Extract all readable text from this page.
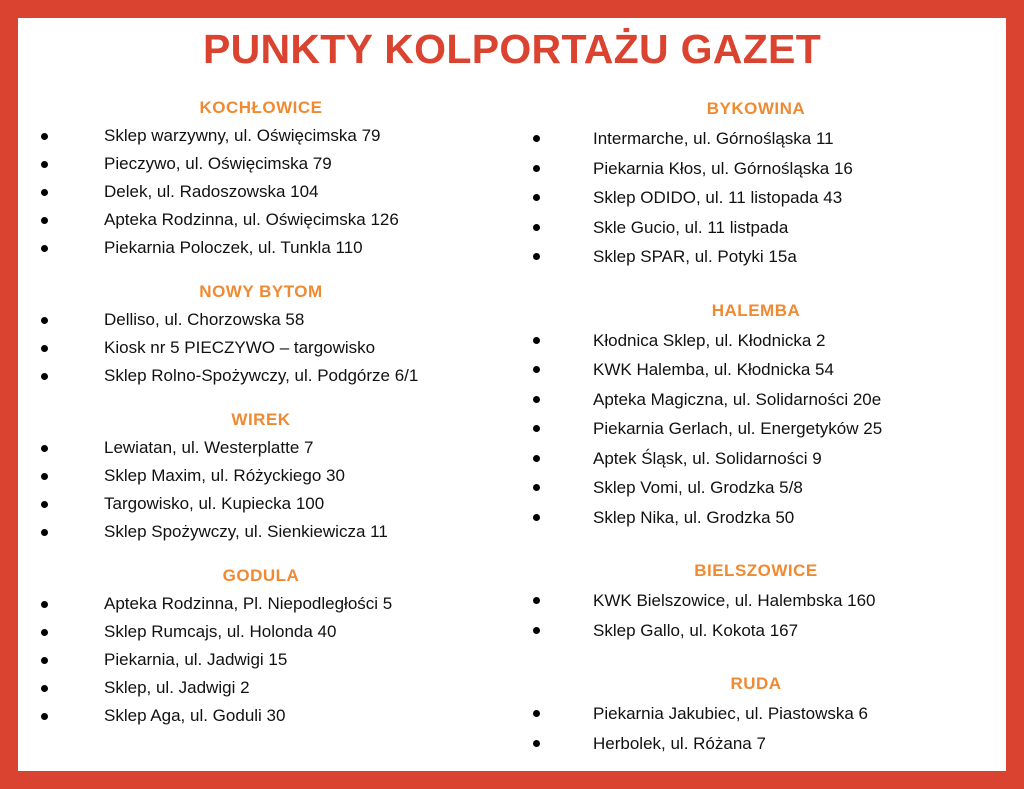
PUNKTY KOLPORTAŻU GAZET
KOCHŁOWICE
Sklep warzywny, ul. Oświęcimska 79
Pieczywo, ul. Oświęcimska 79
Delek, ul. Radoszowska 104
Apteka Rodzinna, ul. Oświęcimska 126
Piekarnia Poloczek, ul. Tunkla 110
NOWY BYTOM
Delliso, ul. Chorzowska 58
Kiosk nr 5 PIECZYWO – targowisko
Sklep Rolno-Spożywczy, ul. Podgórze 6/1
WIREK
Lewiatan, ul. Westerplatte 7
Sklep Maxim, ul. Różyckiego 30
Targowisko, ul. Kupiecka 100
Sklep Spożywczy, ul. Sienkiewicza 11
GODULA
Apteka Rodzinna, Pl. Niepodległości 5
Sklep Rumcajs, ul. Holonda 40
Piekarnia, ul. Jadwigi 15
Sklep, ul. Jadwigi 2
Sklep Aga, ul. Goduli 30
BYKOWINA
Intermarche, ul. Górnośląska 11
Piekarnia Kłos, ul. Górnośląska 16
Sklep ODIDO, ul. 11 listopada 43
Skle Gucio, ul. 11 listpada
Sklep SPAR, ul. Potyki 15a
HALEMBA
Kłodnica Sklep, ul. Kłodnicka 2
KWK Halemba, ul. Kłodnicka 54
Apteka Magiczna, ul. Solidarności 20e
Piekarnia Gerlach, ul. Energetyków 25
Aptek Śląsk, ul. Solidarności 9
Sklep Vomi, ul. Grodzka 5/8
Sklep Nika, ul. Grodzka 50
BIELSZOWICE
KWK Bielszowice, ul. Halembska 160
Sklep Gallo, ul. Kokota 167
RUDA
Piekarnia Jakubiec, ul. Piastowska 6
Herbolek, ul. Różana 7
